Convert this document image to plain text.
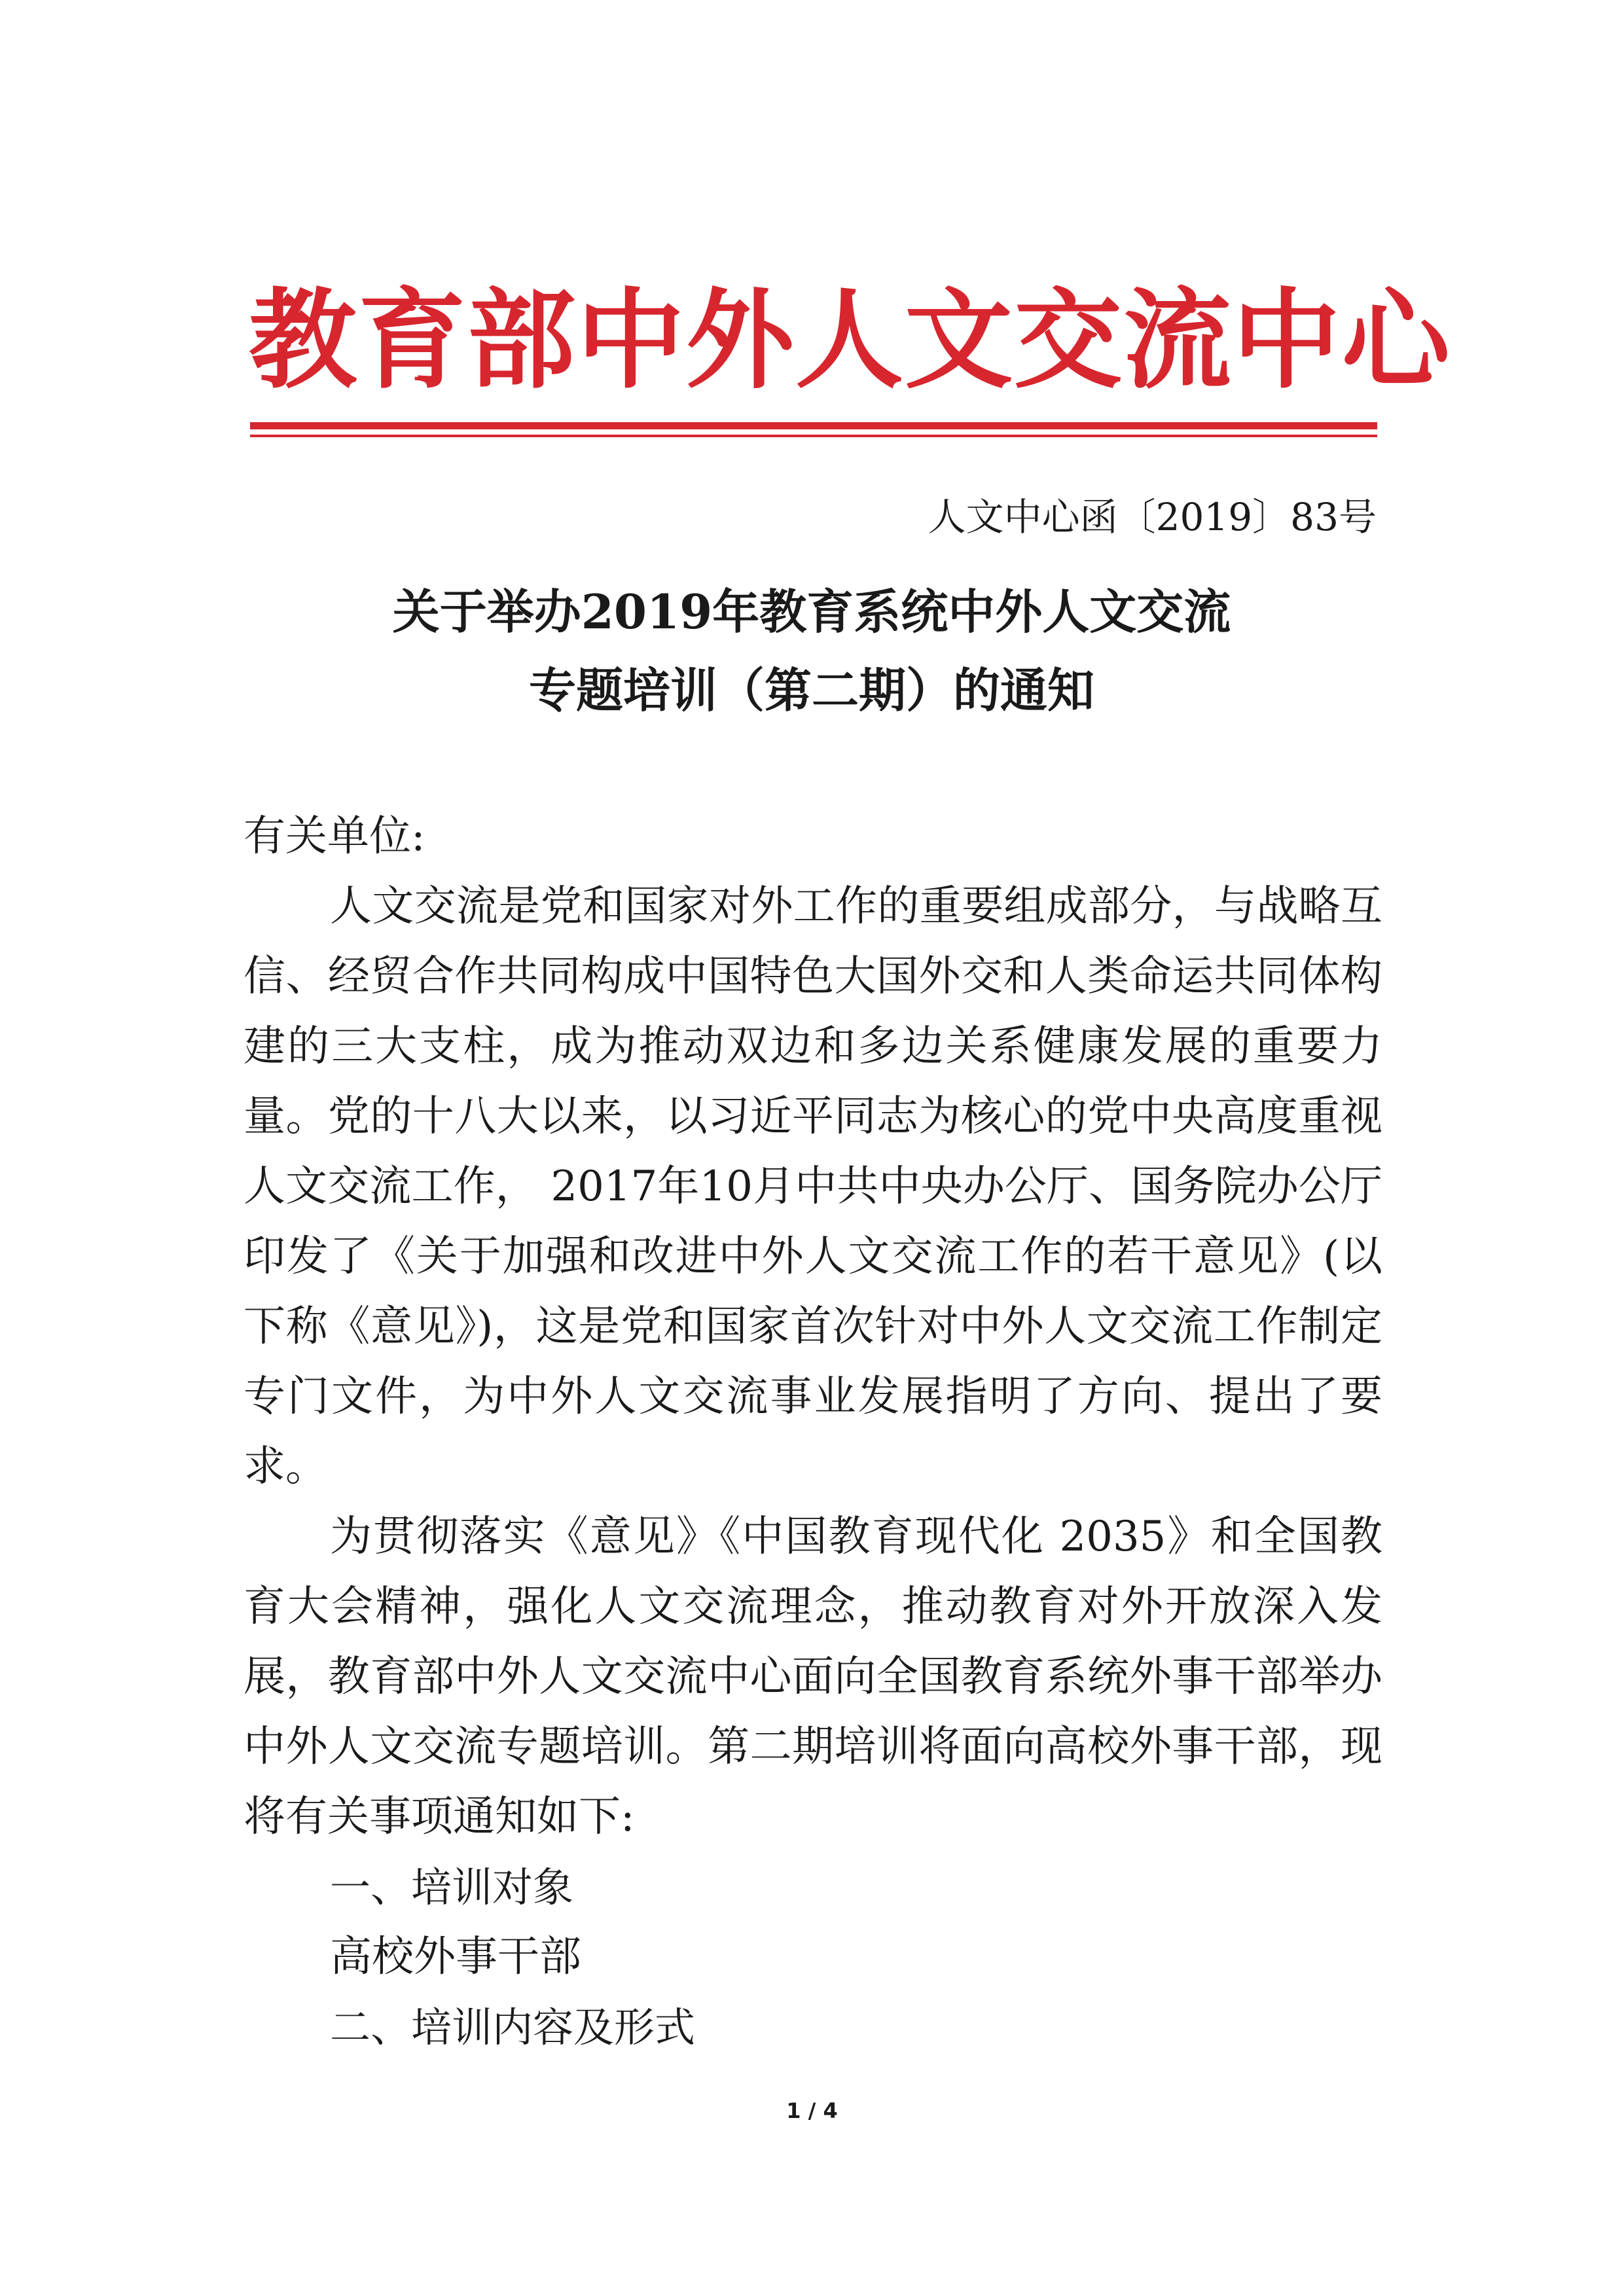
教育部中外人文交流中心
人文中心函〔2019〕83号
关于举办2019年教育系统中外人文交流
专题培训（第二期）的通知

有关单位:

人文交流是党和国家对外工作的重要组成部分，与战略互信、经贸合作共同构成中国特色大国外交和人类命运共同体构建的三大支柱，成为推动双边和多边关系健康发展的重要力量。党的十八大以来，以习近平同志为核心的党中央高度重视人文交流工作， 2017年10月中共中央办公厅、国务院办公厅印发了《关于加强和改进中外人文交流工作的若干意见》(以下称《意见》)，这是党和国家首次针对中外人文交流工作制定专门文件，为中外人文交流事业发展指明了方向、提出了要求。

为贯彻落实《意见》《中国教育现代化 2035》和全国教育大会精神，强化人文交流理念，推动教育对外开放深入发展，教育部中外人文交流中心面向全国教育系统外事干部举办中外人文交流专题培训。第二期培训将面向高校外事干部，现将有关事项通知如下:

一、培训对象

高校外事干部

二、培训内容及形式

1 / 4
